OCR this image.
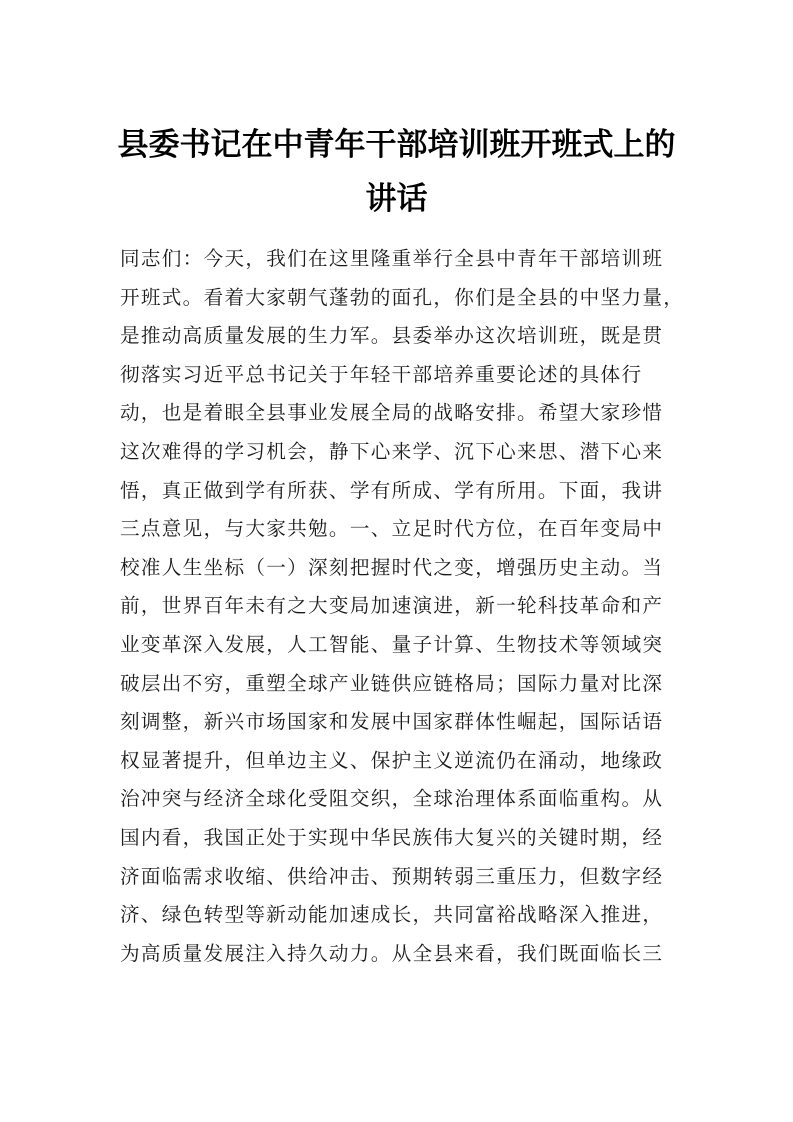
县委书记在中青年干部培训班开班式上的
讲话
同志们：今天，我们在这里隆重举行全县中青年干部培训班
开班式。看着大家朝气蓬勃的面孔，你们是全县的中坚力量，
是推动高质量发展的生力军。县委举办这次培训班，既是贯
彻落实习近平总书记关于年轻干部培养重要论述的具体行
动，也是着眼全县事业发展全局的战略安排。希望大家珍惜
这次难得的学习机会，静下心来学、沉下心来思、潜下心来
悟，真正做到学有所获、学有所成、学有所用。下面，我讲
三点意见，与大家共勉。一、立足时代方位，在百年变局中
校准人生坐标（一）深刻把握时代之变，增强历史主动。当
前，世界百年未有之大变局加速演进，新一轮科技革命和产
业变革深入发展，人工智能、量子计算、生物技术等领域突
破层出不穷，重塑全球产业链供应链格局；国际力量对比深
刻调整，新兴市场国家和发展中国家群体性崛起，国际话语
权显著提升，但单边主义、保护主义逆流仍在涌动，地缘政
治冲突与经济全球化受阻交织，全球治理体系面临重构。从
国内看，我国正处于实现中华民族伟大复兴的关键时期，经
济面临需求收缩、供给冲击、预期转弱三重压力，但数字经
济、绿色转型等新动能加速成长，共同富裕战略深入推进，
为高质量发展注入持久动力。从全县来看，我们既面临长三
